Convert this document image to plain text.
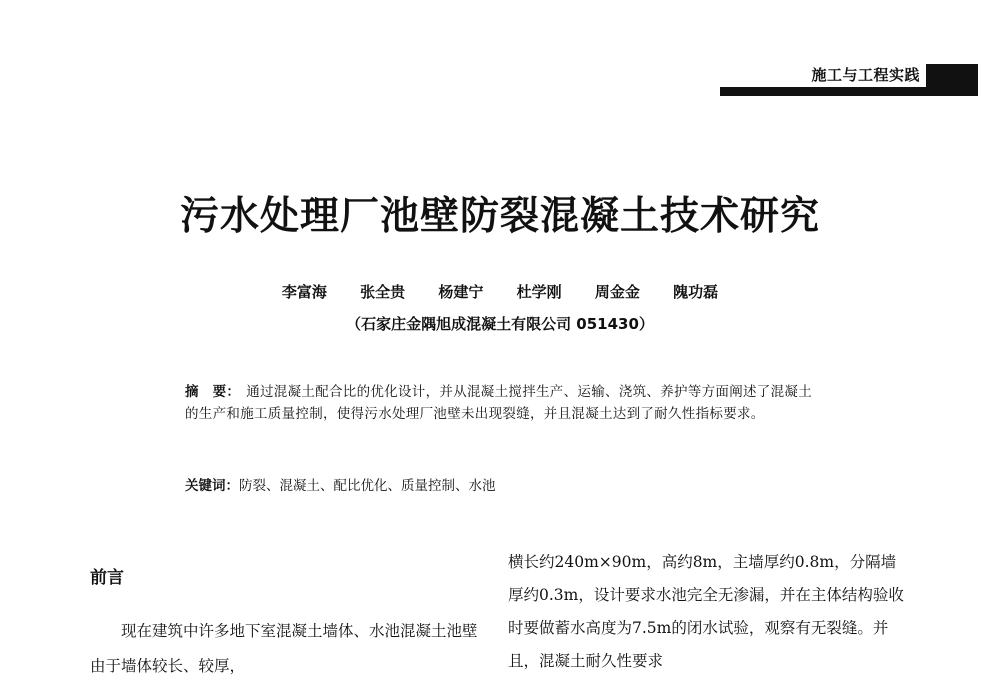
施工与工程实践
污水处理厂池壁防裂混凝土技术研究
李富海 张全贵 杨建宁 杜学刚 周金金 隗功磊
（石家庄金隅旭成混凝土有限公司 051430）
摘　要： 通过混凝土配合比的优化设计，并从混凝土搅拌生产、运输、浇筑、养护等方面阐述了混凝土的生产和施工质量控制，使得污水处理厂池壁未出现裂缝，并且混凝土达到了耐久性指标要求。
关键词：防裂、混凝土、配比优化、质量控制、水池
前言
现在建筑中许多地下室混凝土墙体、水池混凝土池壁由于墙体较长、较厚，
横长约240m×90m，高约8m，主墙厚约0.8m，分隔墙厚约0.3m，设计要求水池完全无渗漏，并在主体结构验收时要做蓄水高度为7.5m的闭水试验，观察有无裂缝。并且，混凝土耐久性要求
